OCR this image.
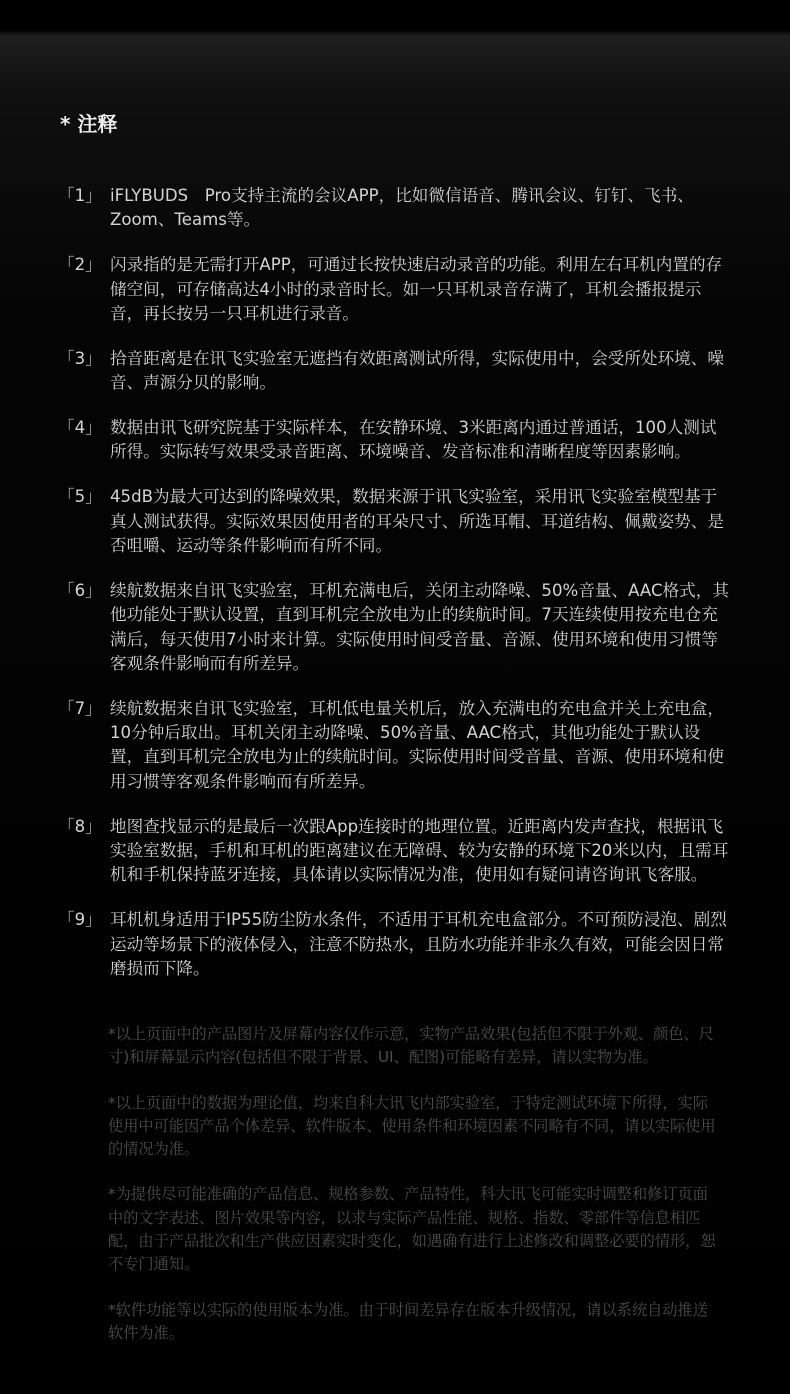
* 注释
「1」 iFLYBUDS　Pro支持主流的会议APP，比如微信语音、腾讯会议、钉钉、飞书、Zoom、Teams等。
「2」 闪录指的是无需打开APP，可通过长按快速启动录音的功能。利用左右耳机内置的存储空间，可存储高达4小时的录音时长。如一只耳机录音存满了，耳机会播报提示音，再长按另一只耳机进行录音。
「3」 拾音距离是在讯飞实验室无遮挡有效距离测试所得，实际使用中，会受所处环境、噪音、声源分贝的影响。
「4」 数据由讯飞研究院基于实际样本，在安静环境、3米距离内通过普通话，100人测试所得。实际转写效果受录音距离、环境噪音、发音标准和清晰程度等因素影响。
「5」 45dB为最大可达到的降噪效果，数据来源于讯飞实验室，采用讯飞实验室模型基于真人测试获得。实际效果因使用者的耳朵尺寸、所选耳帽、耳道结构、佩戴姿势、是否咀嚼、运动等条件影响而有所不同。
「6」 续航数据来自讯飞实验室，耳机充满电后，关闭主动降噪、50%音量、AAC格式，其他功能处于默认设置，直到耳机完全放电为止的续航时间。7天连续使用按充电仓充满后，每天使用7小时来计算。实际使用时间受音量、音源、使用环境和使用习惯等客观条件影响而有所差异。
「7」 续航数据来自讯飞实验室，耳机低电量关机后，放入充满电的充电盒并关上充电盒，10分钟后取出。耳机关闭主动降噪、50%音量、AAC格式，其他功能处于默认设置，直到耳机完全放电为止的续航时间。实际使用时间受音量、音源、使用环境和使用习惯等客观条件影响而有所差异。
「8」 地图查找显示的是最后一次跟App连接时的地理位置。近距离内发声查找，根据讯飞实验室数据，手机和耳机的距离建议在无障碍、较为安静的环境下20米以内，且需耳机和手机保持蓝牙连接，具体请以实际情况为准，使用如有疑问请咨询讯飞客服。
「9」 耳机机身适用于IP55防尘防水条件，不适用于耳机充电盒部分。不可预防浸泡、剧烈运动等场景下的液体侵入，注意不防热水，且防水功能并非永久有效，可能会因日常磨损而下降。

*以上页面中的产品图片及屏幕内容仅作示意，实物产品效果(包括但不限于外观、颜色、尺寸)和屏幕显示内容(包括但不限于背景、UI、配图)可能略有差异，请以实物为准。

*以上页面中的数据为理论值，均来自科大讯飞内部实验室，于特定测试环境下所得，实际使用中可能因产品个体差异、软件版本、使用条件和环境因素不同略有不同，请以实际使用的情况为准。

*为提供尽可能准确的产品信息、规格参数、产品特性，科大讯飞可能实时调整和修订页面中的文字表述、图片效果等内容，以求与实际产品性能、规格、指数、零部件等信息相匹配，由于产品批次和生产供应因素实时变化，如遇确有进行上述修改和调整必要的情形，恕不专门通知。

*软件功能等以实际的使用版本为准。由于时间差异存在版本升级情况，请以系统自动推送软件为准。
